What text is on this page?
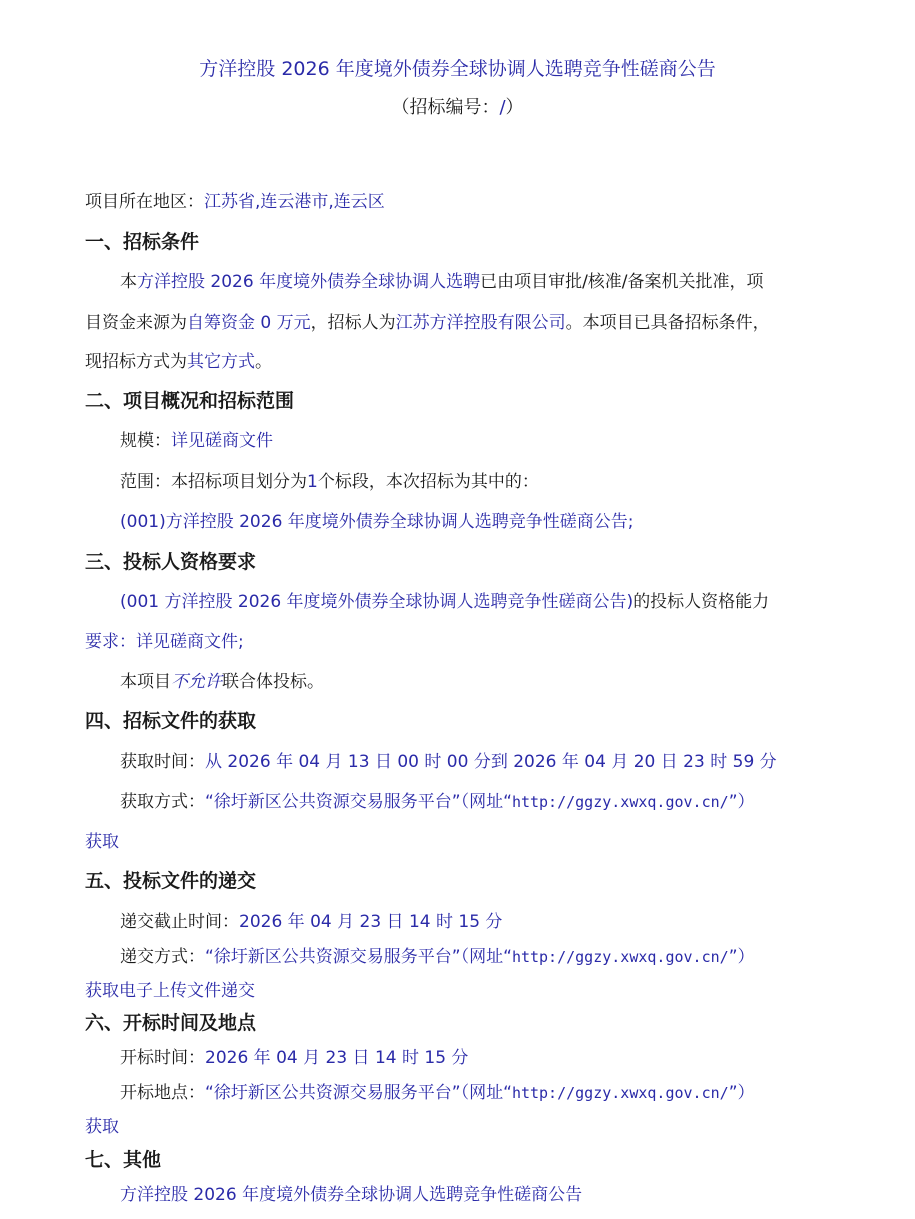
方洋控股 2026 年度境外债券全球协调人选聘竞争性磋商公告
（招标编号：/）
项目所在地区：江苏省,连云港市,连云区
一、招标条件
本方洋控股 2026 年度境外债券全球协调人选聘已由项目审批/核准/备案机关批准，项
目资金来源为自筹资金 0 万元，招标人为江苏方洋控股有限公司。本项目已具备招标条件，
现招标方式为其它方式。
二、项目概况和招标范围
规模：详见磋商文件
范围：本招标项目划分为1个标段，本次招标为其中的：
(001)方洋控股 2026 年度境外债券全球协调人选聘竞争性磋商公告;
三、投标人资格要求
(001 方洋控股 2026 年度境外债券全球协调人选聘竞争性磋商公告)的投标人资格能力
要求：详见磋商文件;
本项目不允许联合体投标。
四、招标文件的获取
获取时间：从 2026 年 04 月 13 日 00 时 00 分到 2026 年 04 月 20 日 23 时 59 分
获取方式：“徐圩新区公共资源交易服务平台”（网址“http://ggzy.xwxq.gov.cn/”）
获取
五、投标文件的递交
递交截止时间：2026 年 04 月 23 日 14 时 15 分
递交方式：“徐圩新区公共资源交易服务平台”（网址“http://ggzy.xwxq.gov.cn/”）
获取电子上传文件递交
六、开标时间及地点
开标时间：2026 年 04 月 23 日 14 时 15 分
开标地点：“徐圩新区公共资源交易服务平台”（网址“http://ggzy.xwxq.gov.cn/”）
获取
七、其他
方洋控股 2026 年度境外债券全球协调人选聘竞争性磋商公告
